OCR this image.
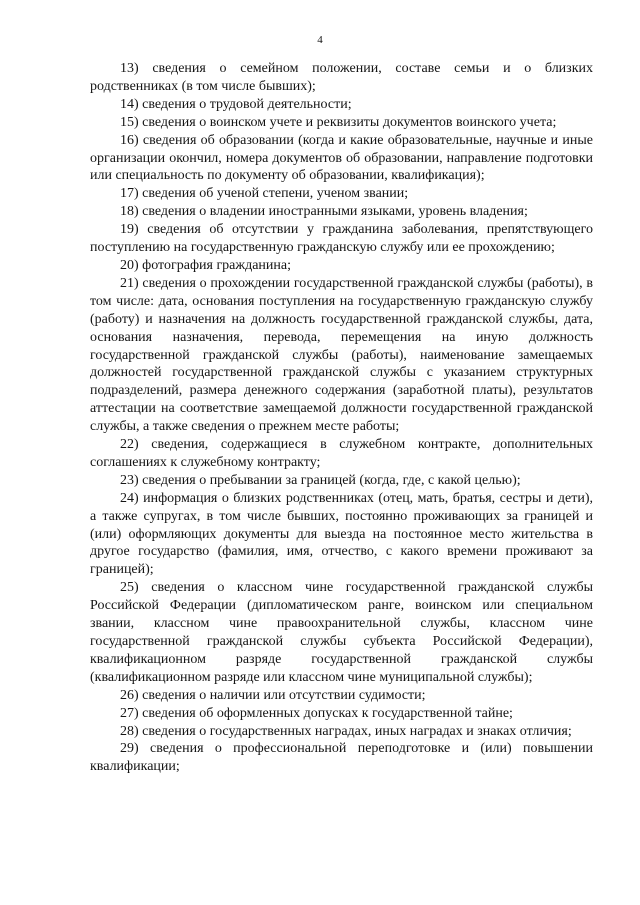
4

13) сведения о семейном положении, составе семьи и о близких родственниках (в том числе бывших);

14) сведения о трудовой деятельности;

15) сведения о воинском учете и реквизиты документов воинского учета;

16) сведения об образовании (когда и какие образовательные, научные и иные организации окончил, номера документов об образовании, направление подготовки или специальность по документу об образовании, квалификация);

17) сведения об ученой степени, ученом звании;

18) сведения о владении иностранными языками, уровень владения;

19) сведения об отсутствии у гражданина заболевания, препятствующего поступлению на государственную гражданскую службу или ее прохождению;

20) фотография гражданина;

21) сведения о прохождении государственной гражданской службы (работы), в том числе: дата, основания поступления на государственную гражданскую службу (работу) и назначения на должность государственной гражданской службы, дата, основания назначения, перевода, перемещения на иную должность государственной гражданской службы (работы), наименование замещаемых должностей государственной гражданской службы с указанием структурных подразделений, размера денежного содержания (заработной платы), результатов аттестации на соответствие замещаемой должности государственной гражданской службы, а также сведения о прежнем месте работы;

22) сведения, содержащиеся в служебном контракте, дополнительных соглашениях к служебному контракту;

23) сведения о пребывании за границей (когда, где, с какой целью);

24) информация о близких родственниках (отец, мать, братья, сестры и дети), а также супругах, в том числе бывших, постоянно проживающих за границей и (или) оформляющих документы для выезда на постоянное место жительства в другое государство (фамилия, имя, отчество, с какого времени проживают за границей);

25) сведения о классном чине государственной гражданской службы Российской Федерации (дипломатическом ранге, воинском или специальном звании, классном чине правоохранительной службы, классном чине государственной гражданской службы субъекта Российской Федерации), квалификационном разряде государственной гражданской службы (квалификационном разряде или классном чине муниципальной службы);

26) сведения о наличии или отсутствии судимости;

27) сведения об оформленных допусках к государственной тайне;

28) сведения о государственных наградах, иных наградах и знаках отличия;

29) сведения о профессиональной переподготовке и (или) повышении квалификации;
